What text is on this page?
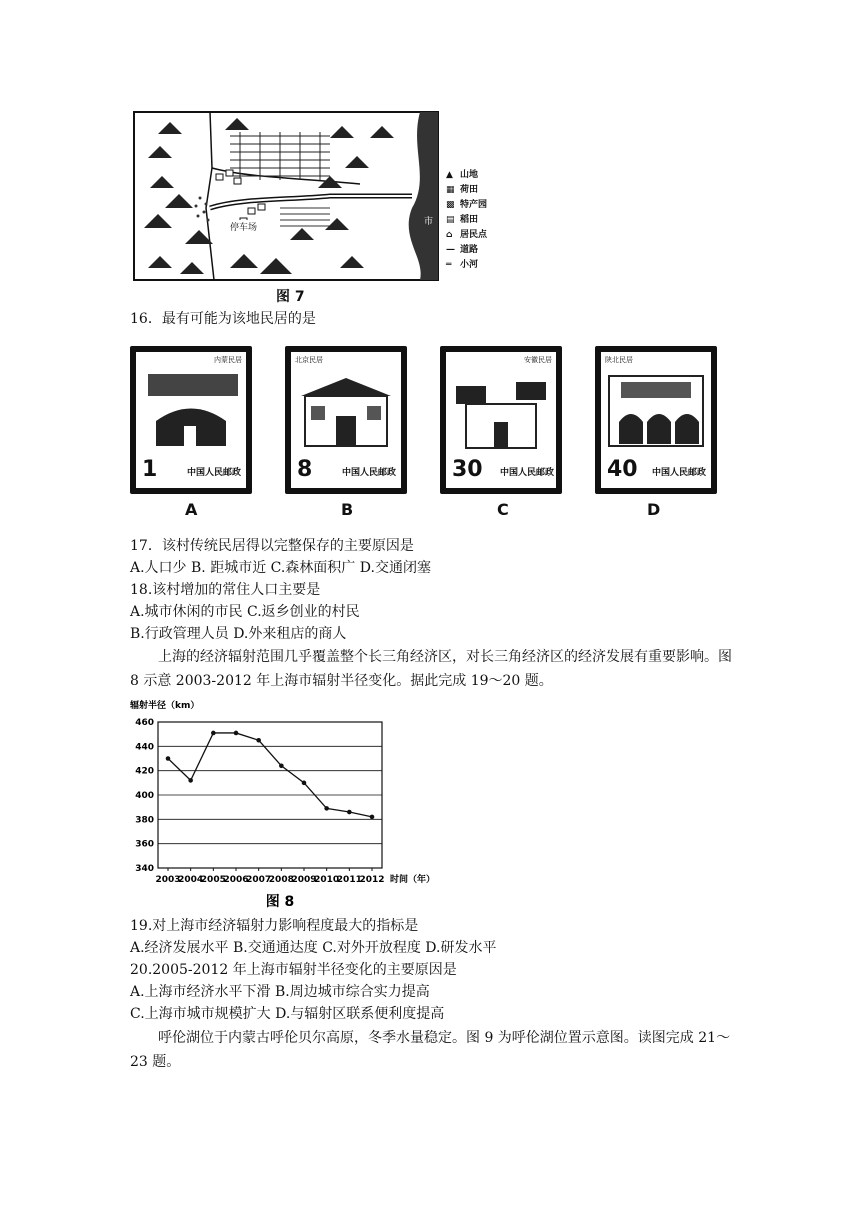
停车场
市
▲ 山地
▦ 荷田
▩ 特产园
▤ 稻田
⌂ 居民点
— 道路
═ 小河
图 7
16．最有可能为该地民居的是
内蒙民居
1	中国人民邮政
北京民居
8	中国人民邮政
安徽民居
30 中国人民邮政
陕北民居
40 中国人民邮政
A	B	C	D
17．该村传统民居得以完整保存的主要原因是
A.人口少 B. 距城市近 C.森林面积广 D.交通闭塞
18.该村增加的常住人口主要是
A.城市休闲的市民 C.返乡创业的村民
B.行政管理人员 D.外来租店的商人
上海的经济辐射范围几乎覆盖整个长三角经济区，对长三角经济区的经济发展有重要影响。图 8 示意 2003-2012 年上海市辐射半径变化。据此完成 19～20 题。
460
440
420
400
380
360
340
2003
2004
2005
2006
2007
2008
2009
2010
2011
2012
辐射半径（km）
时间（年）
图 8
19.对上海市经济辐射力影响程度最大的指标是
A.经济发展水平 B.交通通达度 C.对外开放程度 D.研发水平
20.2005-2012 年上海市辐射半径变化的主要原因是
A.上海市经济水平下滑 B.周边城市综合实力提高
C.上海市城市规模扩大 D.与辐射区联系便利度提高
呼伦湖位于内蒙古呼伦贝尔高原，冬季水量稳定。图 9 为呼伦湖位置示意图。读图完成 21～23 题。
